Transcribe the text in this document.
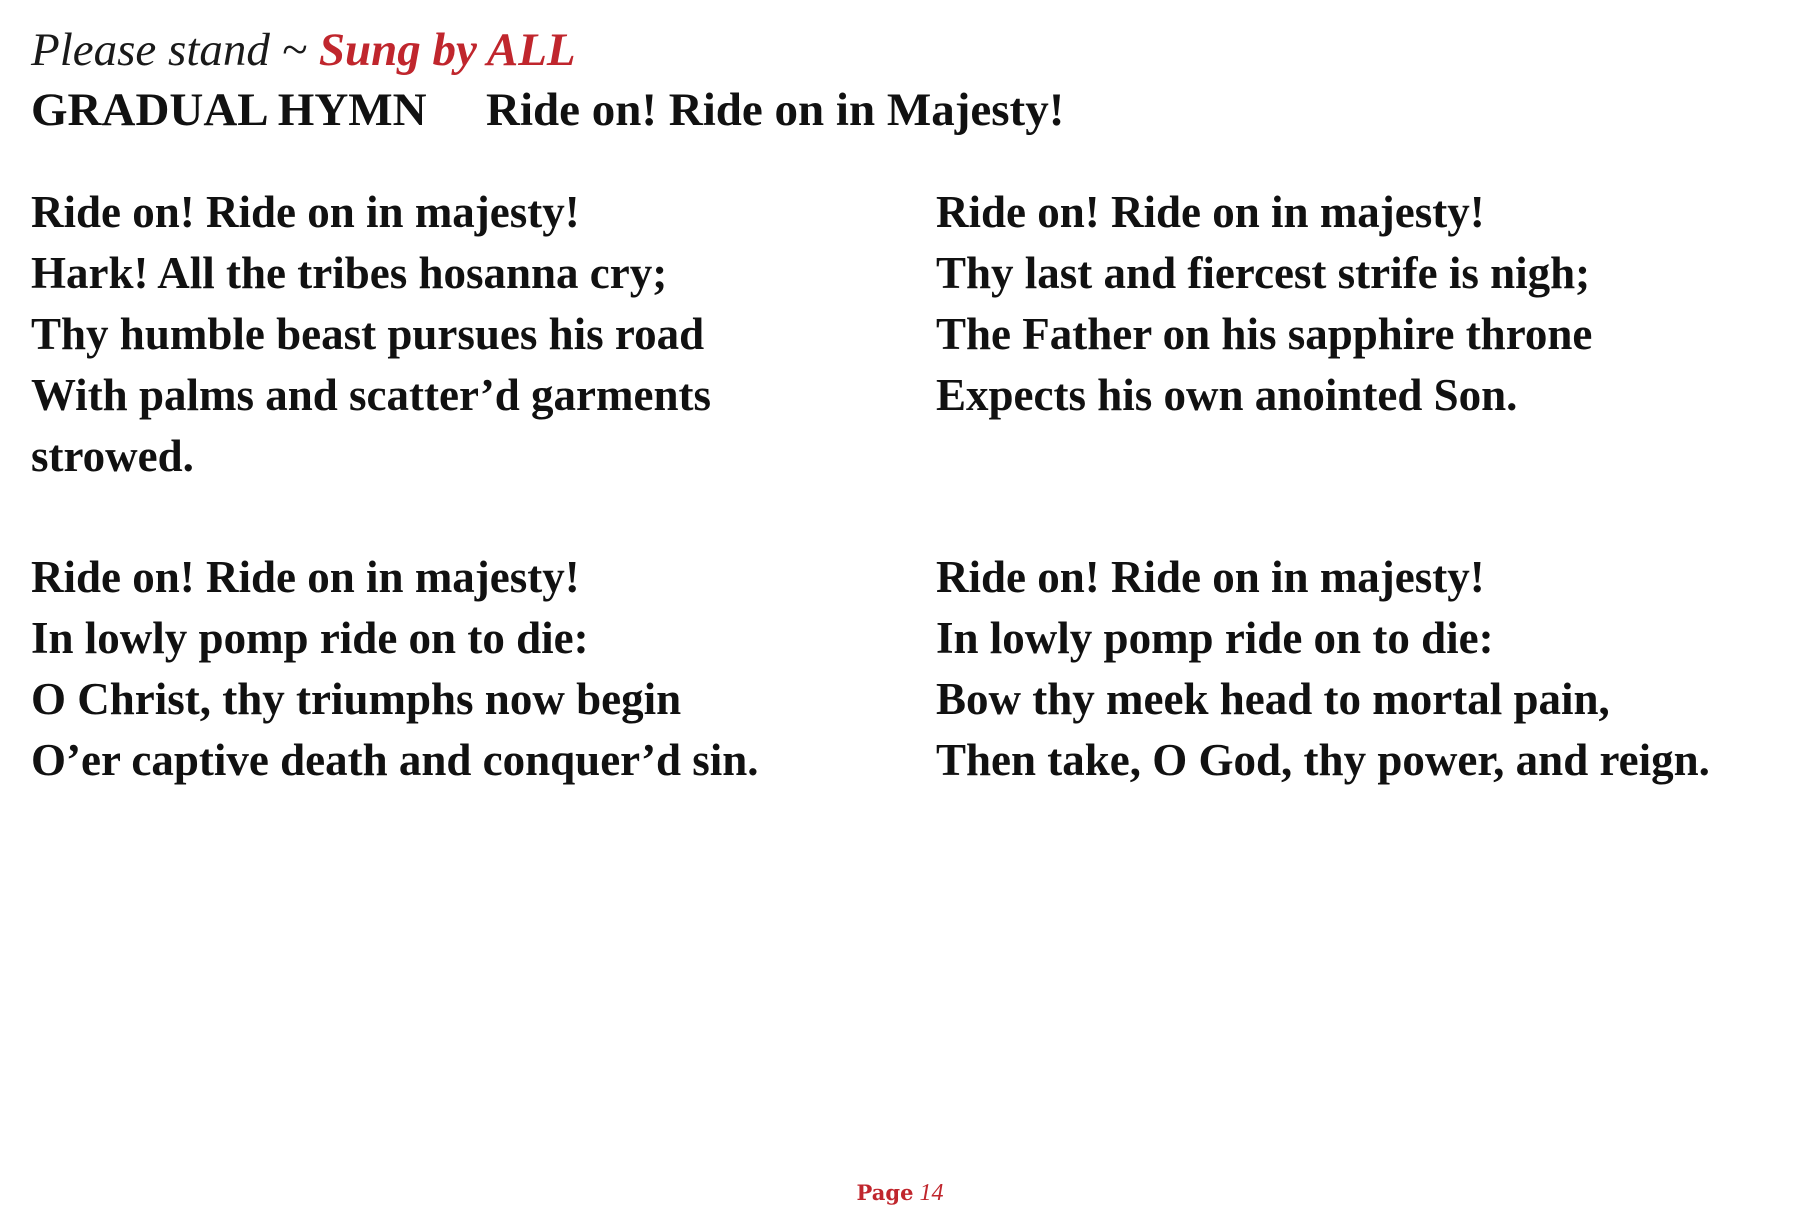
Please stand ~ Sung by ALL
GRADUAL HYMN Ride on! Ride on in Majesty!
Ride on! Ride on in majesty!
Hark! All the tribes hosanna cry;
Thy humble beast pursues his road
With palms and scatter’d garments
strowed.
Ride on! Ride on in majesty!
Thy last and fiercest strife is nigh;
The Father on his sapphire throne
Expects his own anointed Son.
Ride on! Ride on in majesty!
In lowly pomp ride on to die:
O Christ, thy triumphs now begin
O’er captive death and conquer’d sin.
Ride on! Ride on in majesty!
In lowly pomp ride on to die:
Bow thy meek head to mortal pain,
Then take, O God, thy power, and reign.
Page 14
